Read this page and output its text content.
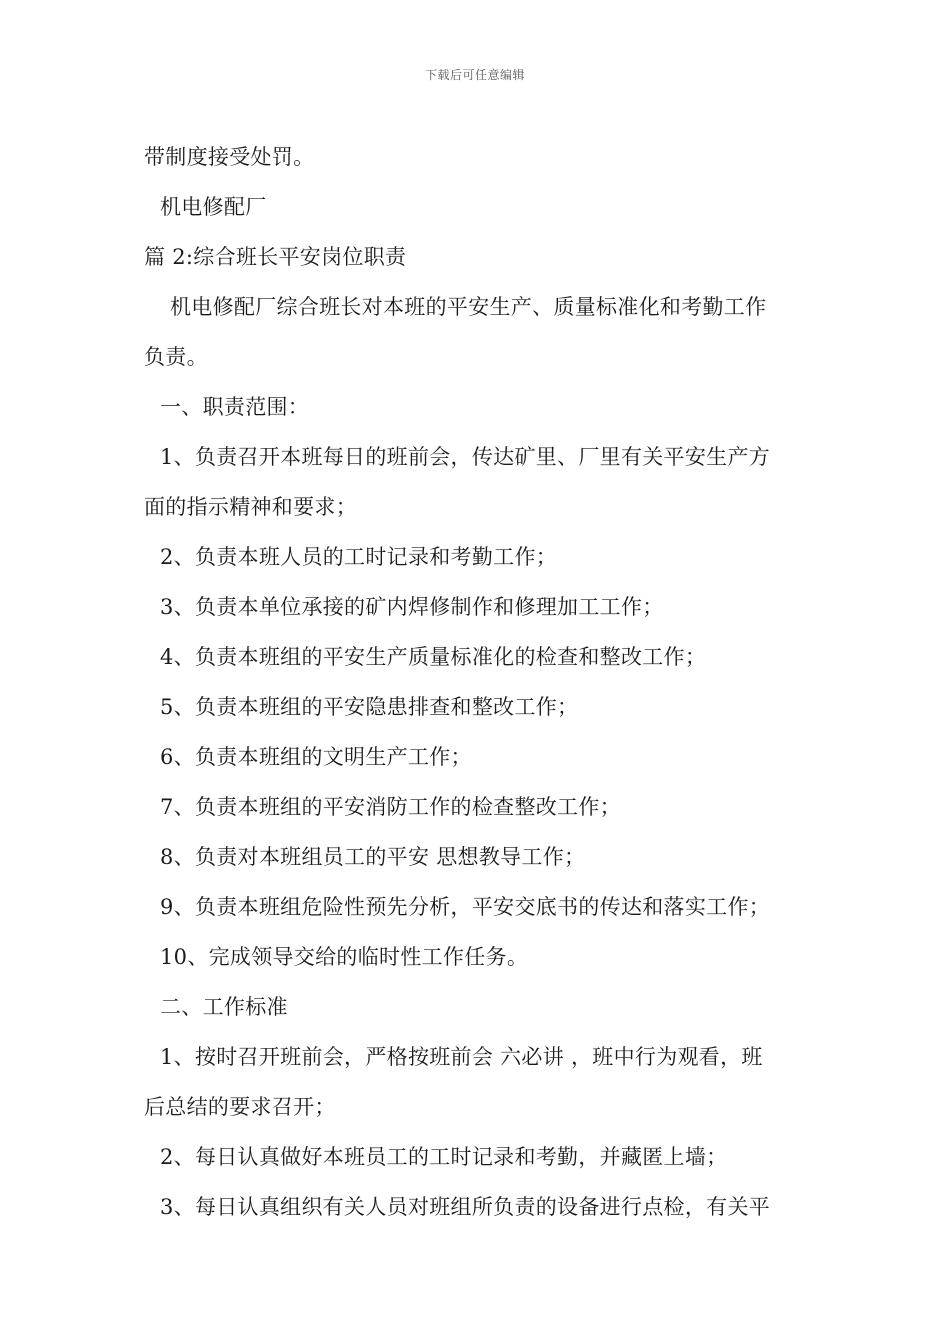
下载后可任意编辑
带制度接受处罚。
机电修配厂
篇 2:综合班长平安岗位职责
机电修配厂综合班长对本班的平安生产、质量标准化和考勤工作
负责。
一、职责范围：
1、负责召开本班每日的班前会，传达矿里、厂里有关平安生产方
面的指示精神和要求；
2、负责本班人员的工时记录和考勤工作；
3、负责本单位承接的矿内焊修制作和修理加工工作；
4、负责本班组的平安生产质量标准化的检查和整改工作；
5、负责本班组的平安隐患排查和整改工作；
6、负责本班组的文明生产工作；
7、负责本班组的平安消防工作的检查整改工作；
8、负责对本班组员工的平安 思想教导工作；
9、负责本班组危险性预先分析，平安交底书的传达和落实工作；
10、完成领导交给的临时性工作任务。
二、工作标准
1、按时召开班前会，严格按班前会 六必讲 ，班中行为观看，班
后总结的要求召开；
2、每日认真做好本班员工的工时记录和考勤，并藏匿上墙；
3、每日认真组织有关人员对班组所负责的设备进行点检，有关平
